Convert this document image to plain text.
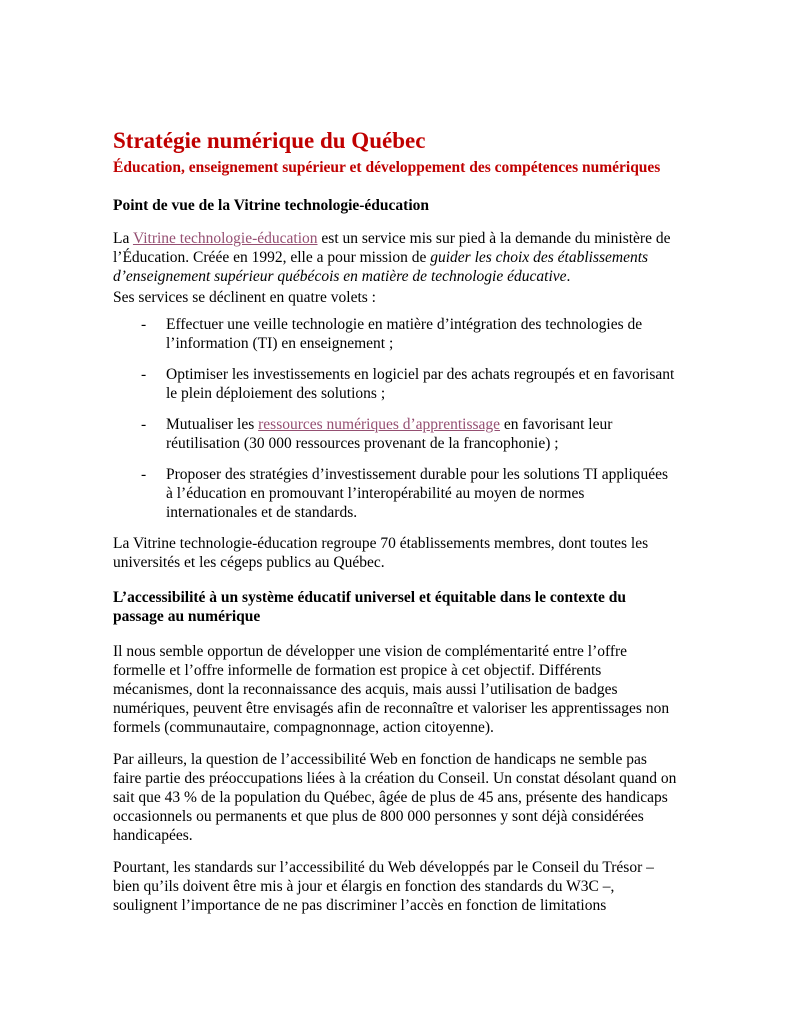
Stratégie numérique du Québec
Éducation, enseignement supérieur et développement des compétences numériques
Point de vue de la Vitrine technologie-éducation

La Vitrine technologie-éducation est un service mis sur pied à la demande du ministère de l’Éducation. Créée en 1992, elle a pour mission de guider les choix des établissements d’enseignement supérieur québécois en matière de technologie éducative.

Ses services se déclinent en quatre volets :

- Effectuer une veille technologie en matière d’intégration des technologies de l’information (TI) en enseignement ;
- Optimiser les investissements en logiciel par des achats regroupés et en favorisant le plein déploiement des solutions ;
- Mutualiser les ressources numériques d’apprentissage en favorisant leur réutilisation (30 000 ressources provenant de la francophonie) ;
- Proposer des stratégies d’investissement durable pour les solutions TI appliquées à l’éducation en promouvant l’interopérabilité au moyen de normes internationales et de standards.

La Vitrine technologie-éducation regroupe 70 établissements membres, dont toutes les universités et les cégeps publics au Québec.

L’accessibilité à un système éducatif universel et équitable dans le contexte du passage au numérique

Il nous semble opportun de développer une vision de complémentarité entre l’offre formelle et l’offre informelle de formation est propice à cet objectif. Différents mécanismes, dont la reconnaissance des acquis, mais aussi l’utilisation de badges numériques, peuvent être envisagés afin de reconnaître et valoriser les apprentissages non formels (communautaire, compagnonnage, action citoyenne).

Par ailleurs, la question de l’accessibilité Web en fonction de handicaps ne semble pas faire partie des préoccupations liées à la création du Conseil. Un constat désolant quand on sait que 43 % de la population du Québec, âgée de plus de 45 ans, présente des handicaps occasionnels ou permanents et que plus de 800 000 personnes y sont déjà considérées handicapées.

Pourtant, les standards sur l’accessibilité du Web développés par le Conseil du Trésor – bien qu’ils doivent être mis à jour et élargis en fonction des standards du W3C –, soulignent l’importance de ne pas discriminer l’accès en fonction de limitations
